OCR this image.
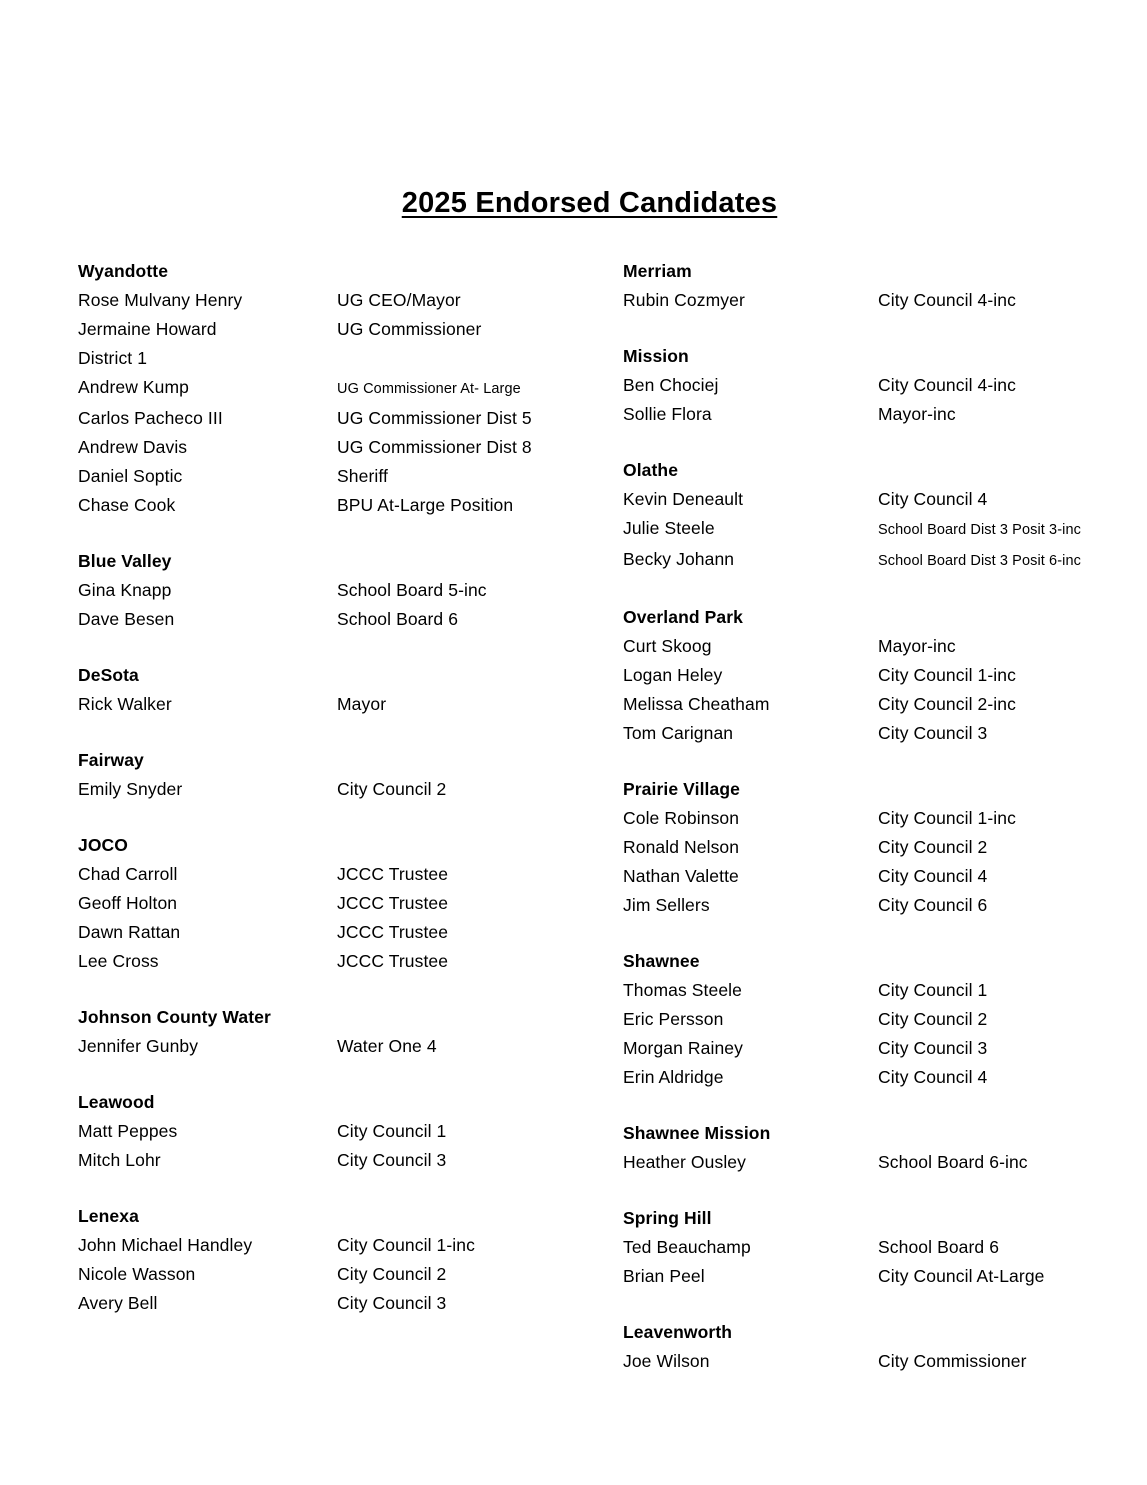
2025 Endorsed Candidates
Wyandotte
Rose Mulvany Henry	UG CEO/Mayor
Jermaine Howard	UG Commissioner
District 1
Andrew Kump	UG Commissioner At- Large
Carlos Pacheco III	UG Commissioner Dist 5
Andrew Davis	UG Commissioner Dist 8
Daniel Soptic	Sheriff
Chase Cook	BPU At-Large Position
Blue Valley
Gina Knapp	School Board 5-inc
Dave Besen	School Board 6
DeSota
Rick Walker	Mayor
Fairway
Emily Snyder	City Council 2
JOCO
Chad Carroll	JCCC Trustee
Geoff Holton	JCCC Trustee
Dawn Rattan	JCCC Trustee
Lee Cross	JCCC Trustee
Johnson County Water
Jennifer Gunby	Water One 4
Leawood
Matt Peppes	City Council 1
Mitch Lohr	City Council 3
Lenexa
John Michael Handley	City Council 1-inc
Nicole Wasson	City Council 2
Avery Bell	City Council 3
Merriam
Rubin Cozmyer	City Council 4-inc
Mission
Ben Chociej	City Council 4-inc
Sollie Flora	Mayor-inc
Olathe
Kevin Deneault	City Council 4
Julie Steele	School Board Dist 3 Posit 3-inc
Becky Johann	School Board Dist 3 Posit 6-inc
Overland Park
Curt Skoog	Mayor-inc
Logan Heley	City Council 1-inc
Melissa Cheatham	City Council 2-inc
Tom Carignan	City Council 3
Prairie Village
Cole Robinson	City Council 1-inc
Ronald Nelson	City Council 2
Nathan Valette	City Council 4
Jim Sellers	City Council 6
Shawnee
Thomas Steele	City Council 1
Eric Persson	City Council 2
Morgan Rainey	City Council 3
Erin Aldridge	City Council 4
Shawnee Mission
Heather Ousley	School Board 6-inc
Spring Hill
Ted Beauchamp	School Board 6
Brian Peel	City Council At-Large
Leavenworth
Joe Wilson	City Commissioner
